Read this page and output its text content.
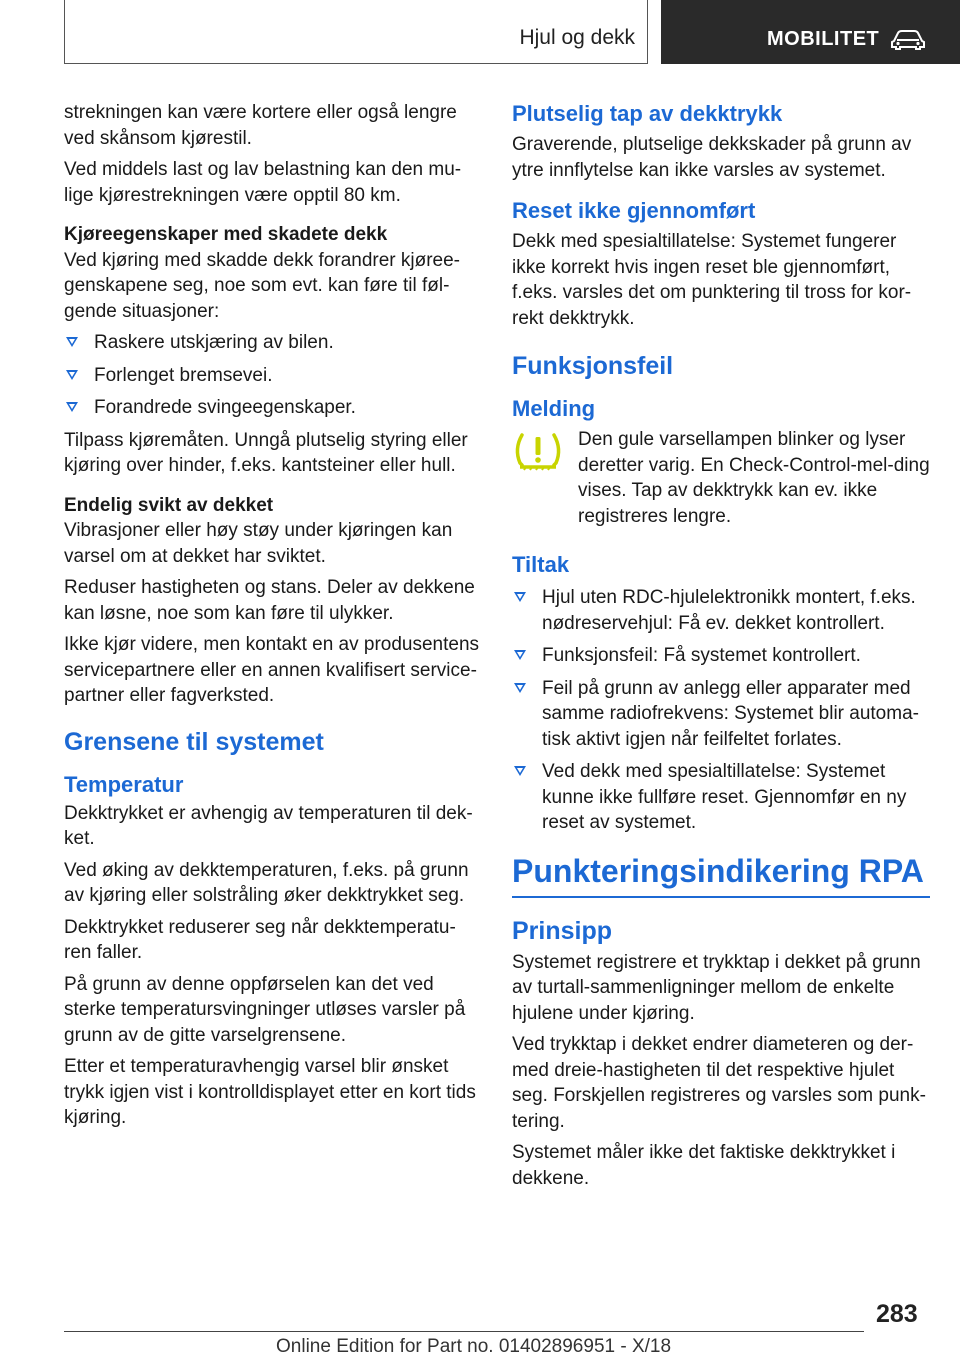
Hjul og dekk	MOBILITET

strekningen kan være kortere eller også lengre ved skånsom kjørestil.

Ved middels last og lav belastning kan den mu‐lige kjørestrekningen være opptil 80 km.

Kjøreegenskaper med skadete dekk

Ved kjøring med skadde dekk forandrer kjøree‐genskapene seg, noe som evt. kan føre til føl‐gende situasjoner:

Raskere utskjæring av bilen.
Forlenget bremsevei.
Forandrede svingeegenskaper.

Tilpass kjøremåten. Unngå plutselig styring eller kjøring over hinder, f.eks. kantsteiner eller hull.

Endelig svikt av dekket

Vibrasjoner eller høy støy under kjøringen kan varsel om at dekket har sviktet.

Reduser hastigheten og stans. Deler av dekkene kan løsne, noe som kan føre til ulykker.

Ikke kjør videre, men kontakt en av produsentens servicepartnere eller en annen kvalifisert service‐partner eller fagverksted.

Grensene til systemet
Temperatur

Dekktrykket er avhengig av temperaturen til dek‐ket.

Ved øking av dekktemperaturen, f.eks. på grunn av kjøring eller solstråling øker dekktrykket seg.

Dekktrykket reduserer seg når dekktemperatu‐ren faller.

På grunn av denne oppførselen kan det ved sterke temperatursvingninger utløses varsler på grunn av de gitte varselgrensene.

Etter et temperaturavhengig varsel blir ønsket trykk igjen vist i kontrolldisplayet etter en kort tids kjøring.

Plutselig tap av dekktrykk

Graverende, plutselige dekkskader på grunn av ytre innflytelse kan ikke varsles av systemet.

Reset ikke gjennomført

Dekk med spesialtillatelse: Systemet fungerer ikke korrekt hvis ingen reset ble gjennomført, f.eks. varsles det om punktering til tross for kor‐rekt dekktrykk.

Funksjonsfeil
Melding

Den gule varsellampen blinker og lyser deretter varig. En Check-Control-mel‐ding vises. Tap av dekktrykk kan ev. ikke registreres lengre.

Tiltak
Hjul uten RDC-hjulelektronikk montert, f.eks. nødreservehjul: Få ev. dekket kontrollert.
Funksjonsfeil: Få systemet kontrollert.
Feil på grunn av anlegg eller apparater med samme radiofrekvens: Systemet blir automa‐tisk aktivt igjen når feilfeltet forlates.
Ved dekk med spesialtillatelse: Systemet kunne ikke fullføre reset. Gjennomfør en ny reset av systemet.
Punkteringsindikering RPA
Prinsipp

Systemet registrere et trykktap i dekket på grunn av turtall-sammenligninger mellom de enkelte hjulene under kjøring.

Ved trykktap i dekket endrer diameteren og der‐med dreie-hastigheten til det respektive hjulet seg. Forskjellen registreres og varsles som punk‐tering.

Systemet måler ikke det faktiske dekktrykket i dekkene.

283
Online Edition for Part no. 01402896951 - X/18
